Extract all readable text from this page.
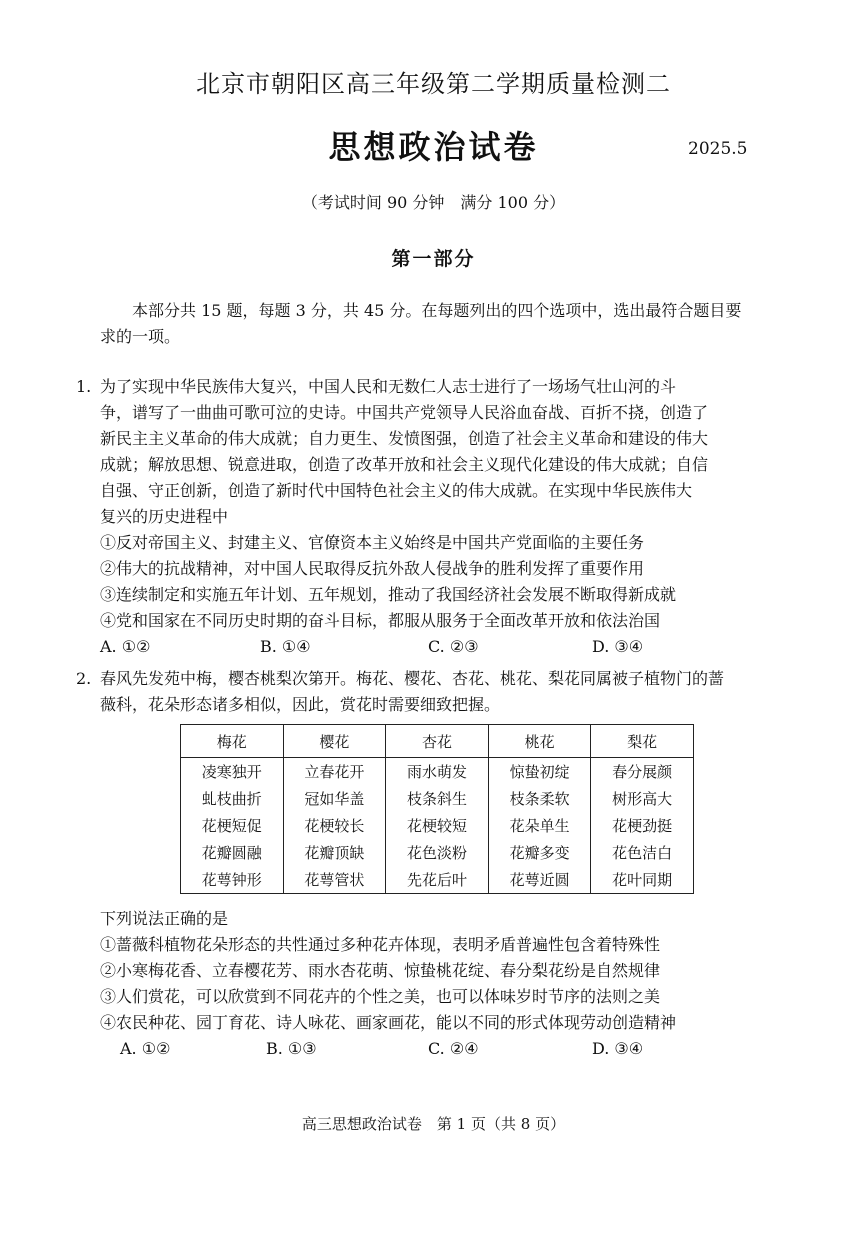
北京市朝阳区高三年级第二学期质量检测二
思想政治试卷	2025.5
（考试时间 90 分钟　满分 100 分）
第一部分
本部分共 15 题，每题 3 分，共 45 分。在每题列出的四个选项中，选出最符合题目要
求的一项。
1. 为了实现中华民族伟大复兴，中国人民和无数仁人志士进行了一场场气壮山河的斗
争，谱写了一曲曲可歌可泣的史诗。中国共产党领导人民浴血奋战、百折不挠，创造了
新民主主义革命的伟大成就；自力更生、发愤图强，创造了社会主义革命和建设的伟大
成就；解放思想、锐意进取，创造了改革开放和社会主义现代化建设的伟大成就；自信
自强、守正创新，创造了新时代中国特色社会主义的伟大成就。在实现中华民族伟大
复兴的历史进程中
①反对帝国主义、封建主义、官僚资本主义始终是中国共产党面临的主要任务
②伟大的抗战精神，对中国人民取得反抗外敌人侵战争的胜利发挥了重要作用
③连续制定和实施五年计划、五年规划，推动了我国经济社会发展不断取得新成就
④党和国家在不同历史时期的奋斗目标，都服从服务于全面改革开放和依法治国
A. ①②	B. ①④	C. ②③	D. ③④
2. 春风先发苑中梅，樱杏桃梨次第开。梅花、樱花、杏花、桃花、梨花同属被子植物门的蔷
薇科，花朵形态诸多相似，因此，赏花时需要细致把握。
梅花	樱花	杏花	桃花	梨花
凌寒独开	立春花开	雨水萌发	惊蛰初绽	春分展颜
虬枝曲折	冠如华盖	枝条斜生	枝条柔软	树形高大
花梗短促	花梗较长	花梗较短	花朵单生	花梗劲挺
花瓣圆融	花瓣顶缺	花色淡粉	花瓣多变	花色洁白
花萼钟形	花萼管状	先花后叶	花萼近圆	花叶同期
下列说法正确的是
①蔷薇科植物花朵形态的共性通过多种花卉体现，表明矛盾普遍性包含着特殊性
②小寒梅花香、立春樱花芳、雨水杏花萌、惊蛰桃花绽、春分梨花纷是自然规律
③人们赏花，可以欣赏到不同花卉的个性之美，也可以体味岁时节序的法则之美
④农民种花、园丁育花、诗人咏花、画家画花，能以不同的形式体现劳动创造精神
A. ①②	B. ①③	C. ②④	D. ③④
高三思想政治试卷　第 1 页（共 8 页）
